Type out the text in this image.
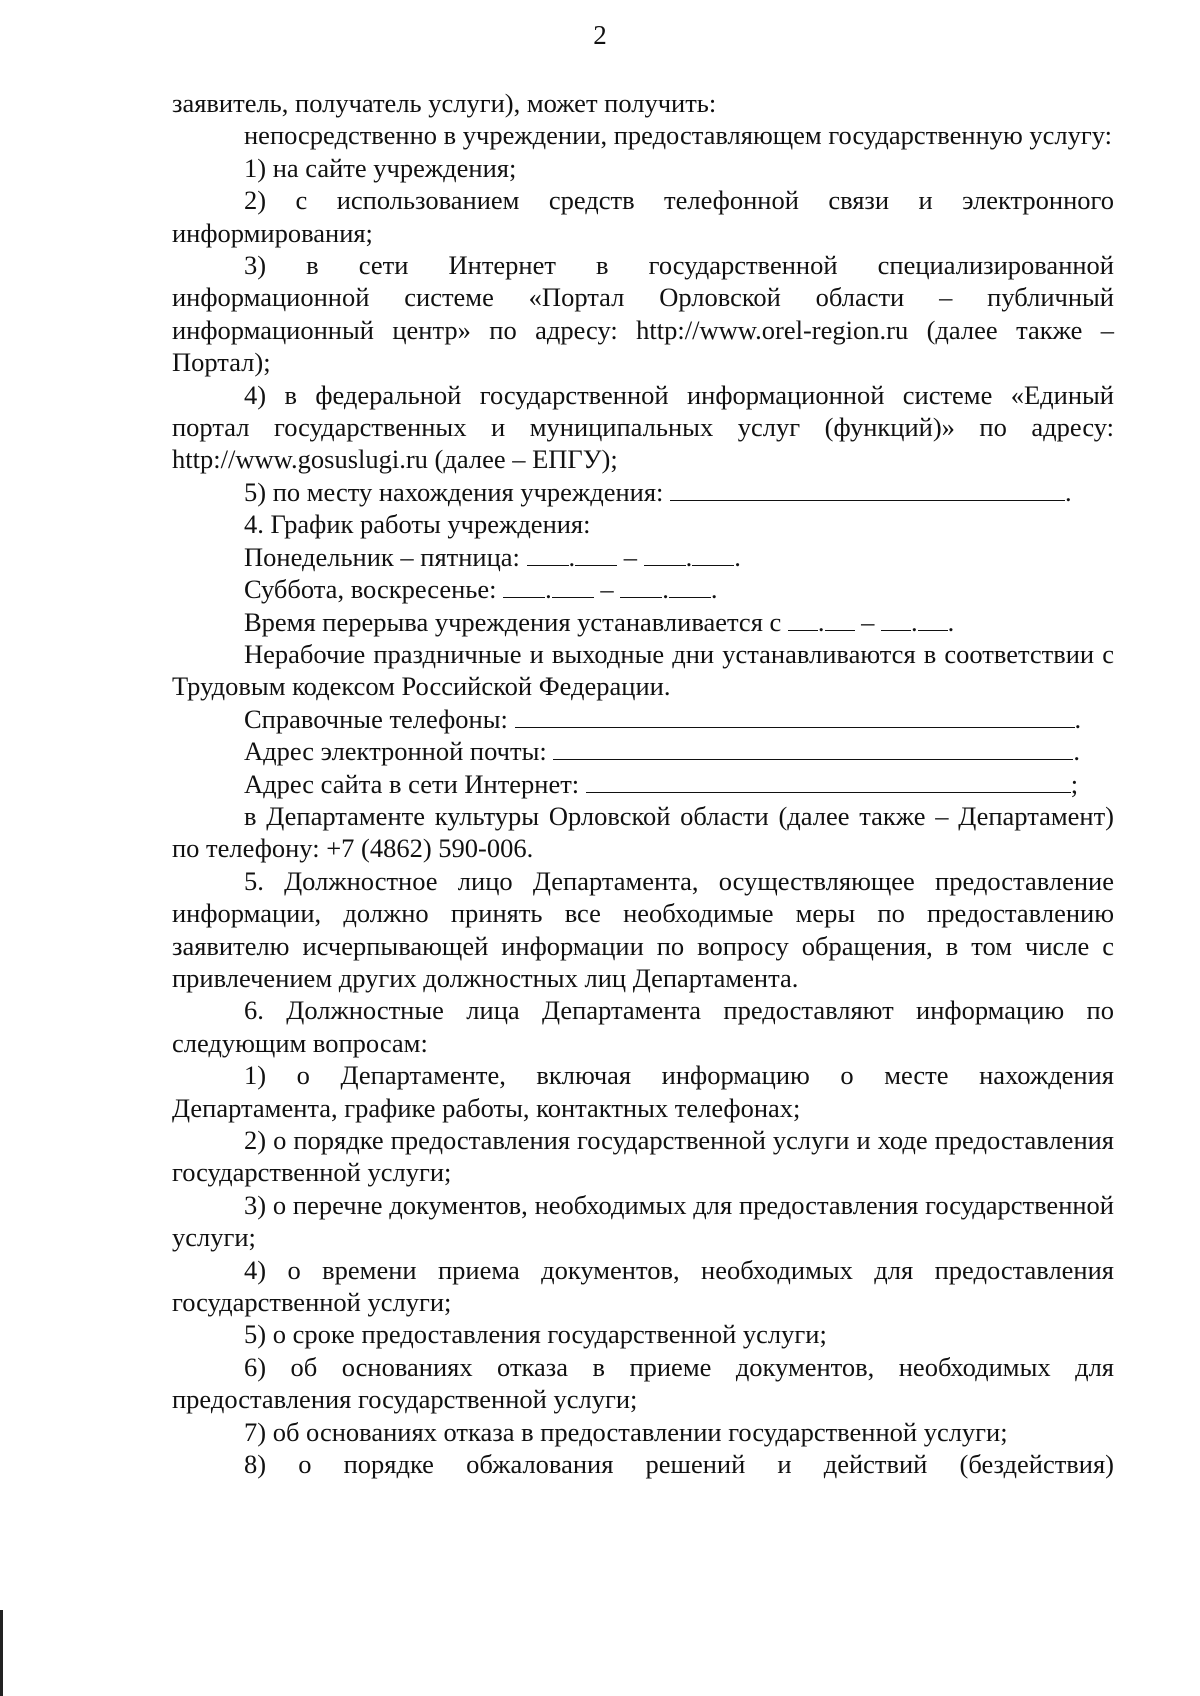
2

заявитель, получатель услуги), может получить:

непосредственно в учреждении, предоставляющем государственную услугу:

1) на сайте учреждения;

2) с использованием средств телефонной связи и электронного информирования;

3) в сети Интернет в государственной специализированной информационной системе «Портал Орловской области – публичный информационный центр» по адресу: http://www.orel-region.ru (далее также – Портал);

4) в федеральной государственной информационной системе «Единый портал государственных и муниципальных услуг (функций)» по адресу: http://www.gosuslugi.ru (далее – ЕПГУ);

5) по месту нахождения учреждения:	.

4. График работы учреждения:

Понедельник – пятница: . – . .

Суббота, воскресенье: . – . .

Время перерыва учреждения устанавливается с . – . .

Нерабочие праздничные и выходные дни устанавливаются в соответствии с Трудовым кодексом Российской Федерации.

Справочные телефоны:	.

Адрес электронной почты:	.

Адрес сайта в сети Интернет:	;

в Департаменте культуры Орловской области (далее также – Департамент) по телефону: +7 (4862) 590-006.

5. Должностное лицо Департамента, осуществляющее предоставление информации, должно принять все необходимые меры по предоставлению заявителю исчерпывающей информации по вопросу обращения, в том числе с привлечением других должностных лиц Департамента.

6. Должностные лица Департамента предоставляют информацию по следующим вопросам:

1) о Департаменте, включая информацию о месте нахождения Департамента, графике работы, контактных телефонах;

2) о порядке предоставления государственной услуги и ходе предоставления государственной услуги;

3) о перечне документов, необходимых для предоставления государственной услуги;

4) о времени приема документов, необходимых для предоставления государственной услуги;

5) о сроке предоставления государственной услуги;

6) об основаниях отказа в приеме документов, необходимых для предоставления государственной услуги;

7) об основаниях отказа в предоставлении государственной услуги;

8) о порядке обжалования решений и действий (бездействия)
